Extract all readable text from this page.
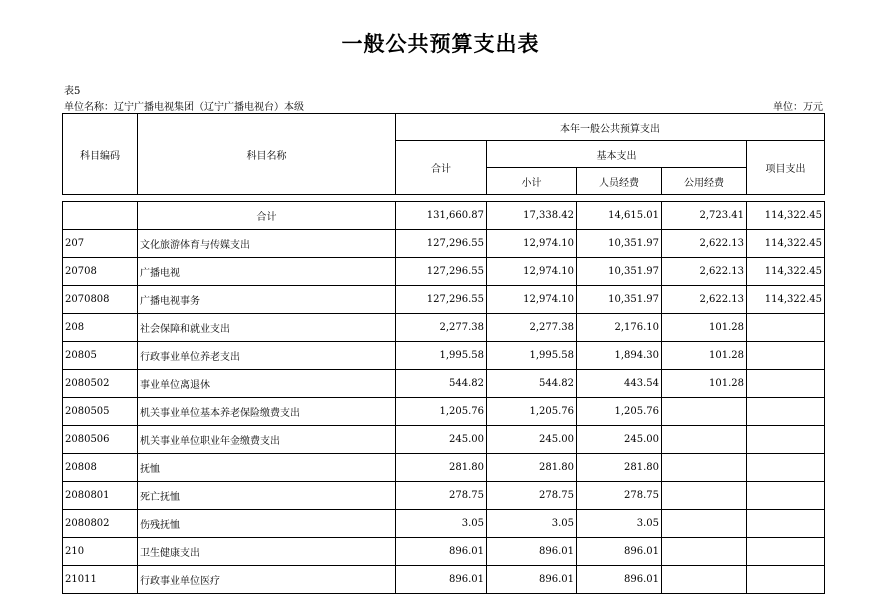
一般公共预算支出表
表5
单位名称：辽宁广播电视集团（辽宁广播电视台）本级	单位：万元
科目编码	科目名称	本年一般公共预算支出				
		合计	基本支出			项目支出
			小计	人员经费	公用经费	

	合计	131,660.87	17,338.42	14,615.01	2,723.41	114,322.45
207	文化旅游体育与传媒支出	127,296.55	12,974.10	10,351.97	2,622.13	114,322.45
20708	广播电视	127,296.55	12,974.10	10,351.97	2,622.13	114,322.45
2070808	广播电视事务	127,296.55	12,974.10	10,351.97	2,622.13	114,322.45
208	社会保障和就业支出	2,277.38	2,277.38	2,176.10	101.28	
20805	行政事业单位养老支出	1,995.58	1,995.58	1,894.30	101.28	
2080502	事业单位离退休	544.82	544.82	443.54	101.28	
2080505	机关事业单位基本养老保险缴费支出	1,205.76	1,205.76	1,205.76		
2080506	机关事业单位职业年金缴费支出	245.00	245.00	245.00		
20808	抚恤	281.80	281.80	281.80		
2080801	死亡抚恤	278.75	278.75	278.75		
2080802	伤残抚恤	3.05	3.05	3.05		
210	卫生健康支出	896.01	896.01	896.01		
21011	行政事业单位医疗	896.01	896.01	896.01		
